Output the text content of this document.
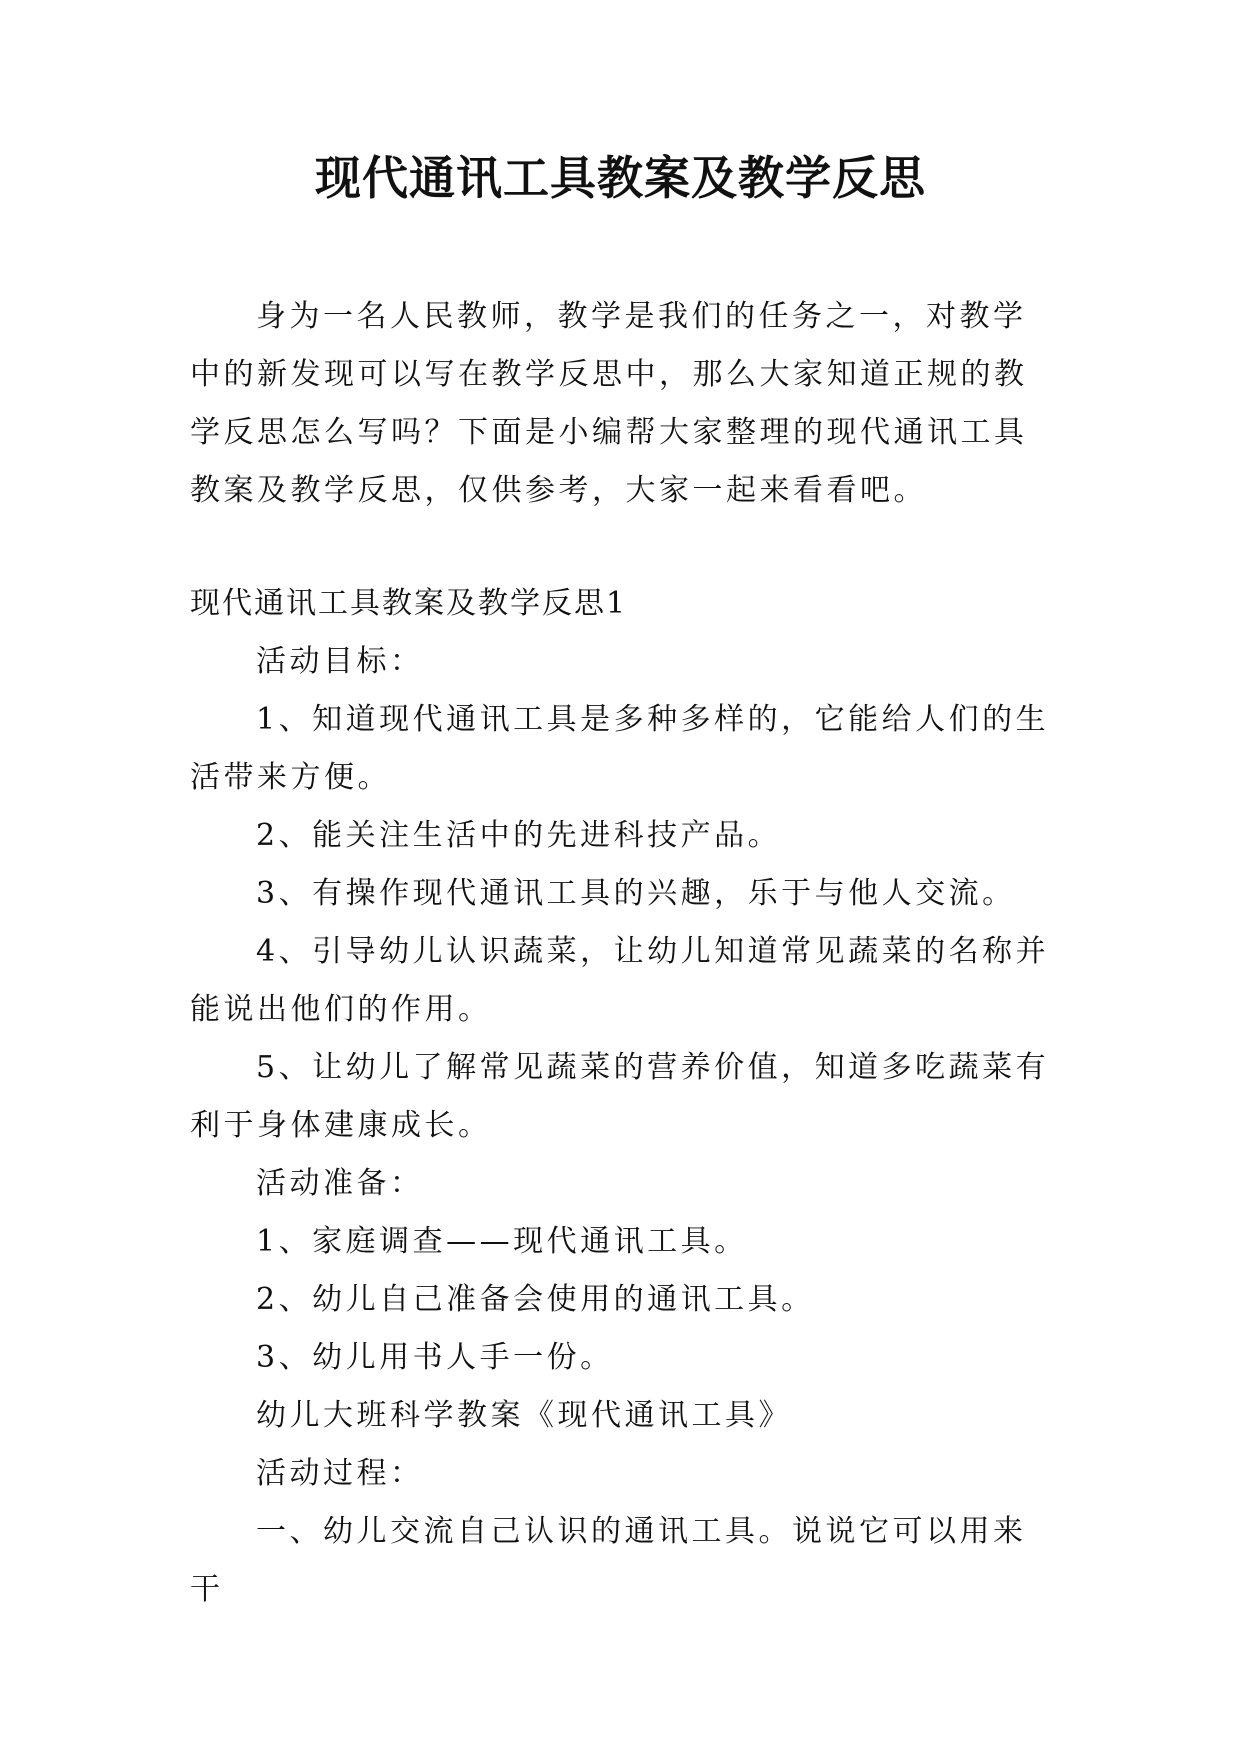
现代通讯工具教案及教学反思

身为一名人民教师，教学是我们的任务之一，对教学中的新发现可以写在教学反思中，那么大家知道正规的教学反思怎么写吗？下面是小编帮大家整理的现代通讯工具教案及教学反思，仅供参考，大家一起来看看吧。

现代通讯工具教案及教学反思1

活动目标：

1、知道现代通讯工具是多种多样的，它能给人们的生活带来方便。

2、能关注生活中的先进科技产品。

3、有操作现代通讯工具的兴趣，乐于与他人交流。

4、引导幼儿认识蔬菜，让幼儿知道常见蔬菜的名称并能说出他们的作用。

5、让幼儿了解常见蔬菜的营养价值，知道多吃蔬菜有利于身体建康成长。

活动准备：

1、家庭调查——现代通讯工具。

2、幼儿自己准备会使用的通讯工具。

3、幼儿用书人手一份。

幼儿大班科学教案《现代通讯工具》

活动过程：

一、幼儿交流自己认识的通讯工具。说说它可以用来干
